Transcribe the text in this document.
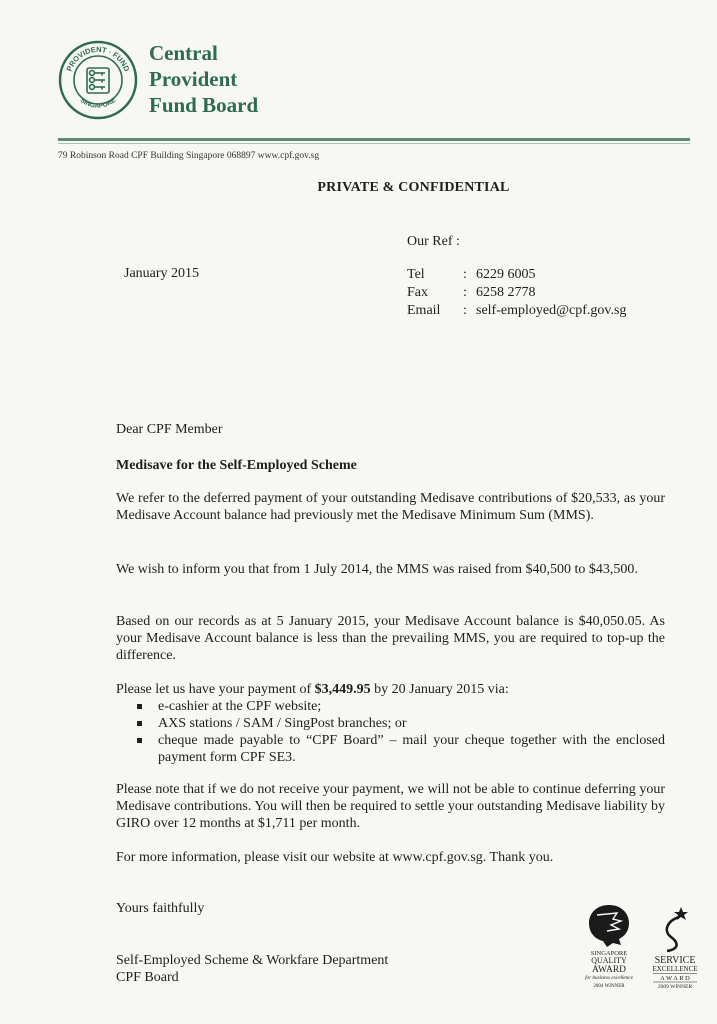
PROVIDENT · FUND
SINGAPORE
Central
Provident
Fund Board
79 Robinson Road CPF Building Singapore 068897 www.cpf.gov.sg
PRIVATE & CONFIDENTIAL
Our Ref :
Tel	: 6229 6005
Fax	: 6258 2778
Email : self-employed@cpf.gov.sg
January 2015
Dear CPF Member
Medisave for the Self-Employed Scheme
We refer to the deferred payment of your outstanding Medisave contributions of $20,533, as your Medisave Account balance had previously met the Medisave Minimum Sum (MMS).
We wish to inform you that from 1 July 2014, the MMS was raised from $40,500 to $43,500.
Based on our records as at 5 January 2015, your Medisave Account balance is $40,050.05. As your Medisave Account balance is less than the prevailing MMS, you are required to top-up the difference.
Please let us have your payment of $3,449.95 by 20 January 2015 via:
e-cashier at the CPF website;
AXS stations / SAM / SingPost branches; or
cheque made payable to “CPF Board” – mail your cheque together with the enclosed payment form CPF SE3.
Please note that if we do not receive your payment, we will not be able to continue deferring your Medisave contributions. You will then be required to settle your outstanding Medisave liability by GIRO over 12 months at $1,711 per month.
For more information, please visit our website at www.cpf.gov.sg. Thank you.
Yours faithfully
Self-Employed Scheme & Workfare Department
CPF Board
SINGAPORE
QUALITY
AWARD
for business excellence
2004 WINNER
SERVICE
EXCELLENCE
A W A R D
2009 WINNER
